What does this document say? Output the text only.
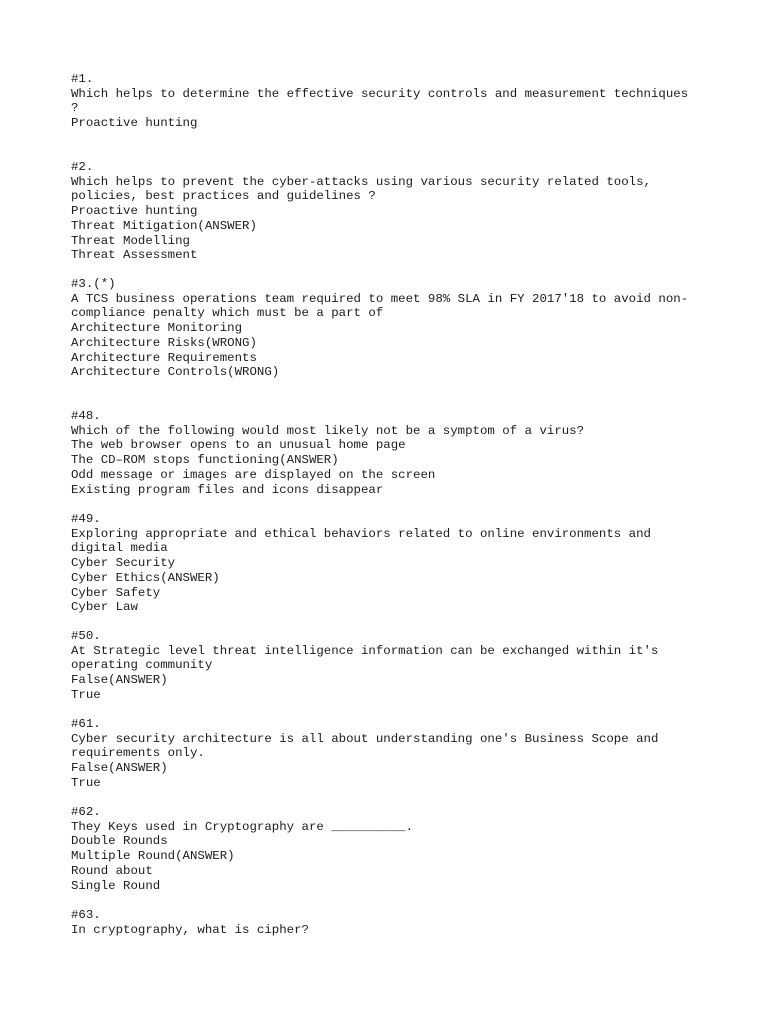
#1.
Which helps to determine the effective security controls and measurement techniques
?
Proactive hunting
#2.
Which helps to prevent the cyber-attacks using various security related tools,
policies, best practices and guidelines ?
Proactive hunting
Threat Mitigation(ANSWER)
Threat Modelling
Threat Assessment
#3.(*)
A TCS business operations team required to meet 98% SLA in FY 2017'18 to avoid non-
compliance penalty which must be a part of
Architecture Monitoring
Architecture Risks(WRONG)
Architecture Requirements
Architecture Controls(WRONG)
#48.
Which of the following would most likely not be a symptom of a virus?
The web browser opens to an unusual home page
The CD–ROM stops functioning(ANSWER)
Odd message or images are displayed on the screen
Existing program files and icons disappear
#49.
Exploring appropriate and ethical behaviors related to online environments and
digital media
Cyber Security
Cyber Ethics(ANSWER)
Cyber Safety
Cyber Law
#50.
At Strategic level threat intelligence information can be exchanged within it's
operating community
False(ANSWER)
True
#61.
Cyber security architecture is all about understanding one's Business Scope and
requirements only.
False(ANSWER)
True
#62.
They Keys used in Cryptography are __________.
Double Rounds
Multiple Round(ANSWER)
Round about
Single Round
#63.
In cryptography, what is cipher?
